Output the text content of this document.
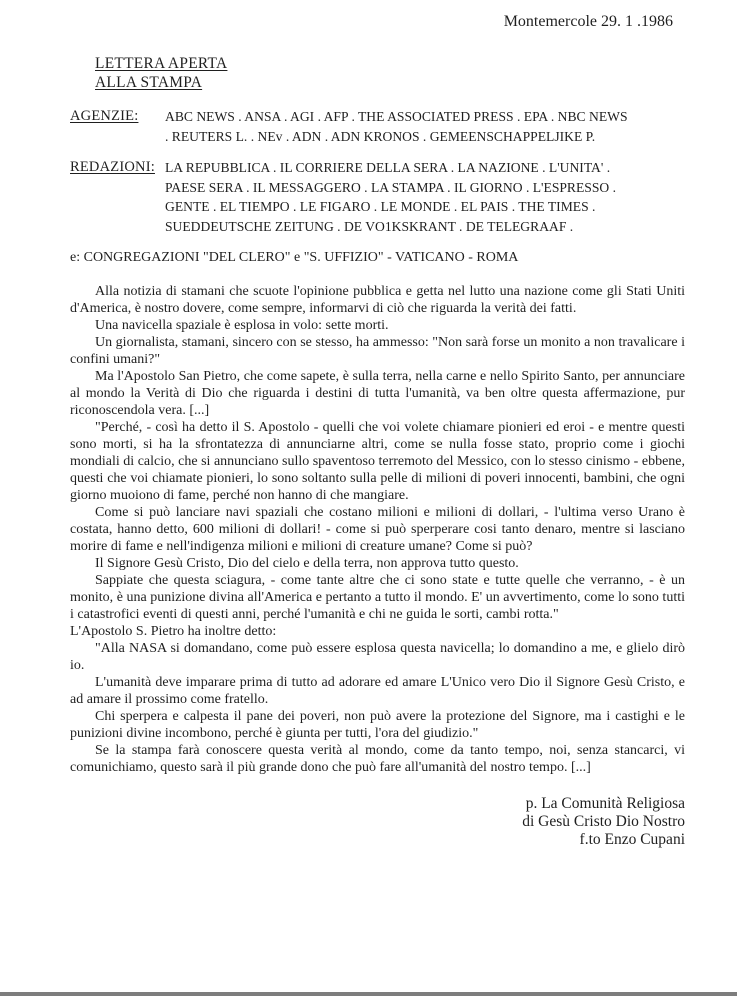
Montemercole 29. 1 .1986
LETTERA APERTA
ALLA STAMPA
AGENZIE:	ABC NEWS . ANSA . AGI . AFP . THE ASSOCIATED PRESS . EPA . NBC NEWS
. REUTERS L. . NEv . ADN . ADN KRONOS . GEMEENSCHAPPELJIKE P.
REDAZIONI: LA REPUBBLICA . IL CORRIERE DELLA SERA . LA NAZIONE . L'UNITA' .
PAESE SERA . IL MESSAGGERO . LA STAMPA . IL GIORNO . L'ESPRESSO .
GENTE . EL TIEMPO . LE FIGARO . LE MONDE . EL PAIS . THE TIMES .
SUEDDEUTSCHE ZEITUNG . DE VO1KSKRANT . DE TELEGRAAF .
e: CONGREGAZIONI "DEL CLERO" e "S. UFFIZIO" - VATICANO - ROMA

Alla notizia di stamani che scuote l'opinione pubblica e getta nel lutto una nazione come gli Stati Uniti d'America, è nostro dovere, come sempre, informarvi di ciò che riguarda la verità dei fatti.

Una navicella spaziale è esplosa in volo: sette morti.

Un giornalista, stamani, sincero con se stesso, ha ammesso: "Non sarà forse un monito a non travalicare i confini umani?"

Ma l'Apostolo San Pietro, che come sapete, è sulla terra, nella carne e nello Spirito Santo, per annunciare al mondo la Verità di Dio che riguarda i destini di tutta l'umanità, va ben oltre questa affermazione, pur riconoscendola vera. [...]

"Perché, - così ha detto il S. Apostolo - quelli che voi volete chiamare pionieri ed eroi - e mentre questi sono morti, si ha la sfrontatezza di annunciarne altri, come se nulla fosse stato, proprio come i giochi mondiali di calcio, che si annunciano sullo spaventoso terremoto del Messico, con lo stesso cinismo - ebbene, questi che voi chiamate pionieri, lo sono soltanto sulla pelle di milioni di poveri innocenti, bambini, che ogni giorno muoiono di fame, perché non hanno di che mangiare.

Come si può lanciare navi spaziali che costano milioni e milioni di dollari, - l'ultima verso Urano è costata, hanno detto, 600 milioni di dollari! - come si può sperperare cosi tanto denaro, mentre si lasciano morire di fame e nell'indigenza milioni e milioni di creature umane? Come si può?

Il Signore Gesù Cristo, Dio del cielo e della terra, non approva tutto questo.

Sappiate che questa sciagura, - come tante altre che ci sono state e tutte quelle che verranno, - è un monito, è una punizione divina all'America e pertanto a tutto il mondo. E' un avvertimento, come lo sono tutti i catastrofici eventi di questi anni, perché l'umanità e chi ne guida le sorti, cambi rotta."

L'Apostolo S. Pietro ha inoltre detto:

"Alla NASA si domandano, come può essere esplosa questa navicella; lo domandino a me, e glielo dirò io.

L'umanità deve imparare prima di tutto ad adorare ed amare L'Unico vero Dio il Signore Gesù Cristo, e ad amare il prossimo come fratello.

Chi sperpera e calpesta il pane dei poveri, non può avere la protezione del Signore, ma i castighi e le punizioni divine incombono, perché è giunta per tutti, l'ora del giudizio."

Se la stampa farà conoscere questa verità al mondo, come da tanto tempo, noi, senza stancarci, vi comunichiamo, questo sarà il più grande dono che può fare all'umanità del nostro tempo. [...]

p. La Comunità Religiosa
di Gesù Cristo Dio Nostro
f.to Enzo Cupani
